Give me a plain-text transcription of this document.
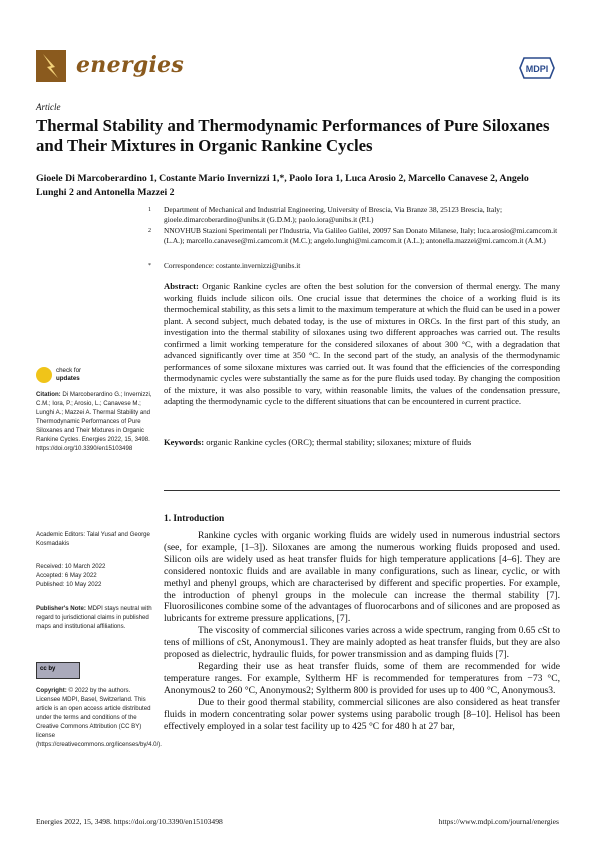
energies	MDPI
Article
Thermal Stability and Thermodynamic Performances of Pure Siloxanes and Their Mixtures in Organic Rankine Cycles
Gioele Di Marcoberardino 1, Costante Mario Invernizzi 1,*, Paolo Iora 1, Luca Arosio 2, Marcello Canavese 2, Angelo Lunghi 2 and Antonella Mazzei 2
1 Department of Mechanical and Industrial Engineering, University of Brescia, Via Branze 38, 25123 Brescia, Italy; gioele.dimarcoberardino@unibs.it (G.D.M.); paolo.iora@unibs.it (P.I.)
2 NNOVHUB Stazioni Sperimentali per l'Industria, Via Galileo Galilei, 20097 San Donato Milanese, Italy; luca.arosio@mi.camcom.it (L.A.); marcello.canavese@mi.camcom.it (M.C.); angelo.lunghi@mi.camcom.it (A.L.); antonella.mazzei@mi.camcom.it (A.M.)
* Correspondence: costante.invernizzi@unibs.it
Abstract: Organic Rankine cycles are often the best solution for the conversion of thermal energy. The many working fluids include silicon oils. One crucial issue that determines the choice of a working fluid is its thermochemical stability, as this sets a limit to the maximum temperature at which the fluid can be used in a power plant. A second subject, much debated today, is the use of mixtures in ORCs. In the first part of this study, an investigation into the thermal stability of siloxanes using two different approaches was carried out. The results confirmed a limit working temperature for the considered siloxanes of about 300 °C, with a degradation that advanced significantly over time at 350 °C. In the second part of the study, an analysis of the thermodynamic performances of some siloxane mixtures was carried out. It was found that the efficiencies of the corresponding thermodynamic cycles were substantially the same as for the pure fluids used today. By changing the composition of the mixture, it was also possible to vary, within reasonable limits, the values of the condensation pressure, adapting the thermodynamic cycle to the different situations that can be encountered in current practice.
Keywords: organic Rankine cycles (ORC); thermal stability; siloxanes; mixture of fluids
1. Introduction

Rankine cycles with organic working fluids are widely used in numerous industrial sectors (see, for example, [1–3]). Siloxanes are among the numerous working fluids proposed and used. Silicon oils are widely used as heat transfer fluids for high temperature applications [4–6]. They are considered nontoxic fluids and are available in many configurations, such as linear, cyclic, or with methyl and phenyl groups, which are characterised by different and specific properties. For example, the introduction of phenyl groups in the molecule can increase the thermal stability [7]. Fluorosilicones combine some of the advantages of fluorocarbons and of silicones and are proposed as lubricants for extreme pressure applications, [7].

The viscosity of commercial silicones varies across a wide spectrum, ranging from 0.65 cSt to tens of millions of cSt, Anonymous1. They are mainly adopted as heat transfer fluids, but they are also proposed as dielectric, hydraulic fluids, for power transmission and as damping fluids [7].

Regarding their use as heat transfer fluids, some of them are recommended for wide temperature ranges. For example, Syltherm HF is recommended for temperatures from −73 °C, Anonymous2 to 260 °C, Anonymous2; Syltherm 800 is provided for uses up to 400 °C, Anonymous3.

Due to their good thermal stability, commercial silicones are also considered as heat transfer fluids in modern concentrating solar power systems using parabolic trough [8–10]. Helisol has been effectively employed in a solar test facility up to 425 °C for 480 h at 27 bar,

check for
updates
Citation: Di Marcoberardino G.; Invernizzi, C.M.; Iora, P.; Arosio, L.; Canavese M.; Lunghi A.; Mazzei A. Thermal Stability and Thermodynamic Performances of Pure Siloxanes and Their Mixtures in Organic Rankine Cycles. Energies 2022, 15, 3498. https://doi.org/10.3390/en15103498
Academic Editors: Talal Yusaf and George Kosmadakis
Received: 10 March 2022
Accepted: 6 May 2022
Published: 10 May 2022
Publisher's Note: MDPI stays neutral with regard to jurisdictional claims in published maps and institutional affiliations.
cc by
Copyright: © 2022 by the authors. Licensee MDPI, Basel, Switzerland. This article is an open access article distributed under the terms and conditions of the Creative Commons Attribution (CC BY) license (https://creativecommons.org/licenses/by/4.0/).
Energies 2022, 15, 3498. https://doi.org/10.3390/en15103498	https://www.mdpi.com/journal/energies
